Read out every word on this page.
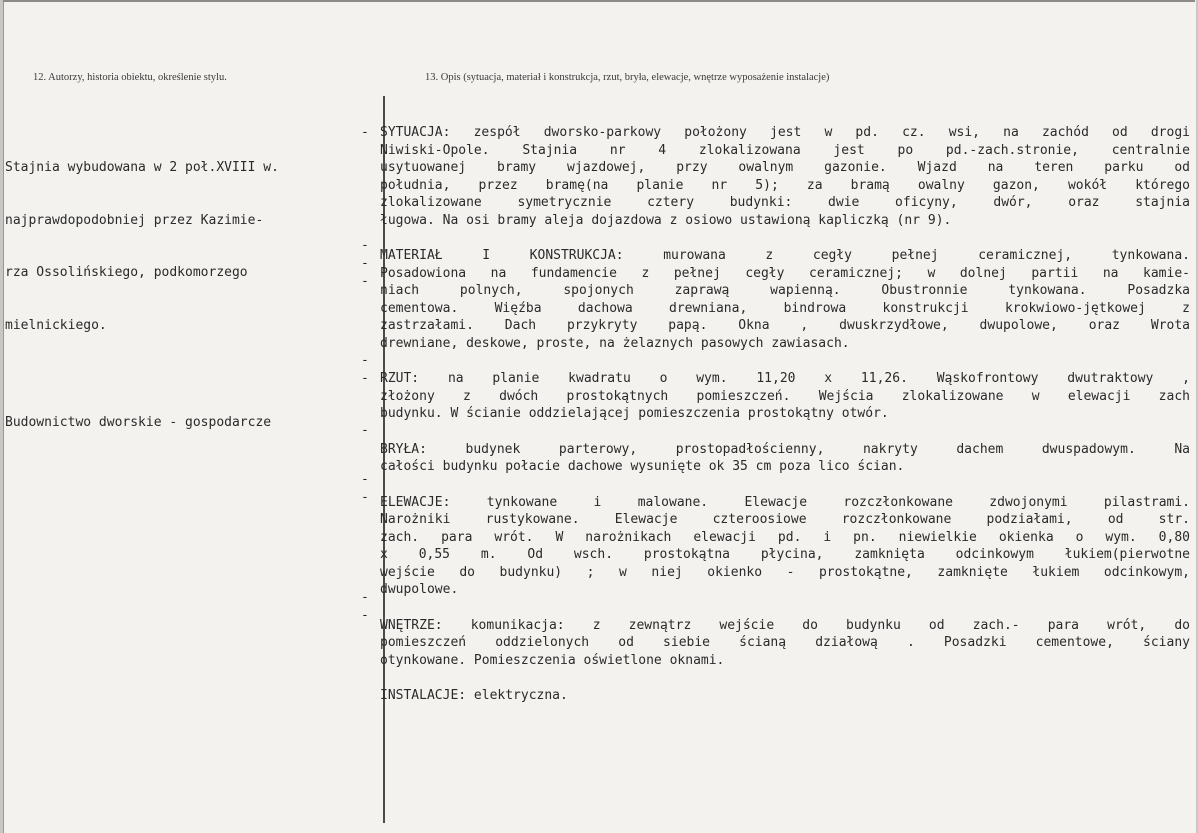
12. Autorzy, historia obiektu, określenie stylu.	13. Opis (sytuacja, materiał i konstrukcja, rzut, bryła, elewacje, wnętrze wyposażenie instalacje)

Stajnia wybudowana w 2 poł.XVIII w.

najprawdopodobniej przez Kazimie-

rza Ossolińskiego, podkomorzego

mielnickiego.

Budownictwo dworskie - gospodarcze

-
-
-
-
-
-
-
-
-
-
-
SYTUACJA: zespół dworsko-parkowy położony jest w pd. cz. wsi, na zachód od drogi
Niwiski-Opole. Stajnia nr 4 zlokalizowana jest po pd.-zach.stronie, centralnie
usytuowanej bramy wjazdowej, przy owalnym gazonie. Wjazd na teren parku od
południa, przez bramę(na planie nr 5); za bramą owalny gazon, wokół którego
zlokalizowane symetrycznie cztery budynki: dwie oficyny, dwór, oraz stajnia
ługowa. Na osi bramy aleja dojazdowa z osiowo ustawioną kapliczką (nr 9).
MATERIAŁ I KONSTRUKCJA: murowana z cegły pełnej ceramicznej, tynkowana.
Posadowiona na fundamencie z pełnej cegły ceramicznej; w dolnej partii na kamie-
niach polnych, spojonych zaprawą wapienną. Obustronnie tynkowana. Posadzka
cementowa. Więźba dachowa drewniana, bindrowa konstrukcji krokwiowo-jętkowej z
zastrzałami. Dach przykryty papą. Okna , dwuskrzydłowe, dwupolowe, oraz Wrota
drewniane, deskowe, proste, na żelaznych pasowych zawiasach.
RZUT: na planie kwadratu o wym. 11,20 x 11,26. Wąskofrontowy dwutraktowy ,
złożony z dwóch prostokątnych pomieszczeń. Wejścia zlokalizowane w elewacji zach
budynku. W ścianie oddzielającej pomieszczenia prostokątny otwór.
BRYŁA: budynek parterowy, prostopadłościenny, nakryty dachem dwuspadowym. Na
całości budynku połacie dachowe wysunięte ok 35 cm poza lico ścian.
ELEWACJE: tynkowane i malowane. Elewacje rozczłonkowane zdwojonymi pilastrami.
Narożniki rustykowane. Elewacje czteroosiowe rozczłonkowane podziałami, od str.
zach. para wrót. W narożnikach elewacji pd. i pn. niewielkie okienka o wym. 0,80
x 0,55 m. Od wsch. prostokątna płycina, zamknięta odcinkowym łukiem(pierwotne
wejście do budynku) ; w niej okienko - prostokątne, zamknięte łukiem odcinkowym,
dwupolowe.
WNĘTRZE: komunikacja: z zewnątrz wejście do budynku od zach.- para wrót, do
pomieszczeń oddzielonych od siebie ścianą działową . Posadzki cementowe, ściany
otynkowane. Pomieszczenia oświetlone oknami.
INSTALACJE: elektryczna.
